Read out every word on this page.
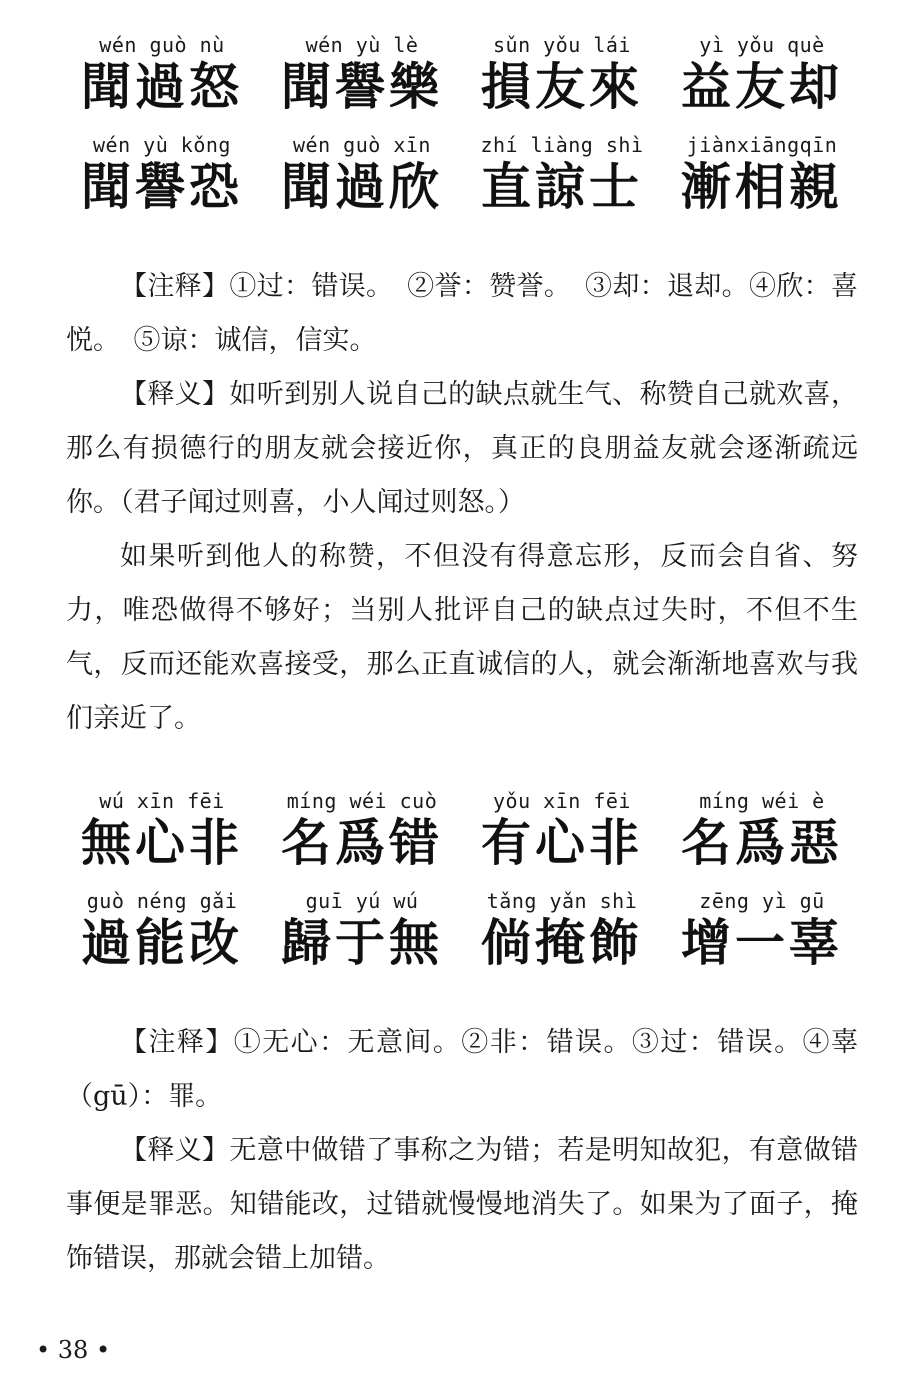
wén guò nù
聞過怒
wén yù lè
聞譽樂
sǔn yǒu lái
損友來
yì yǒu què
益友却
wén yù kǒng
聞譽恐
wén guò xīn
聞過欣
zhí liàng shì
直諒士
jiànxiāngqīn
漸相親

【注释】①过：错误。　②誉：赞誉。　③却：退却。④欣：喜悦。　⑤谅：诚信，信实。

【释义】如听到别人说自己的缺点就生气、称赞自己就欢喜，那么有损德行的朋友就会接近你，真正的良朋益友就会逐渐疏远你。（君子闻过则喜，小人闻过则怒。）

如果听到他人的称赞，不但没有得意忘形，反而会自省、努力，唯恐做得不够好；当别人批评自己的缺点过失时，不但不生气，反而还能欢喜接受，那么正直诚信的人，就会渐渐地喜欢与我们亲近了。

wú xīn fēi
無心非
míng wéi cuò
名爲错
yǒu xīn fēi
有心非
míng wéi è
名爲惡
guò néng gǎi
過能改
guī yú wú
歸于無
tǎng yǎn shì
倘掩飾
zēng yì gū
增一辜

【注释】①无心：无意间。②非：错误。③过：错误。④辜（gū）：罪。

【释义】无意中做错了事称之为错；若是明知故犯，有意做错事便是罪恶。知错能改，过错就慢慢地消失了。如果为了面子，掩饰错误，那就会错上加错。

• 38 •
